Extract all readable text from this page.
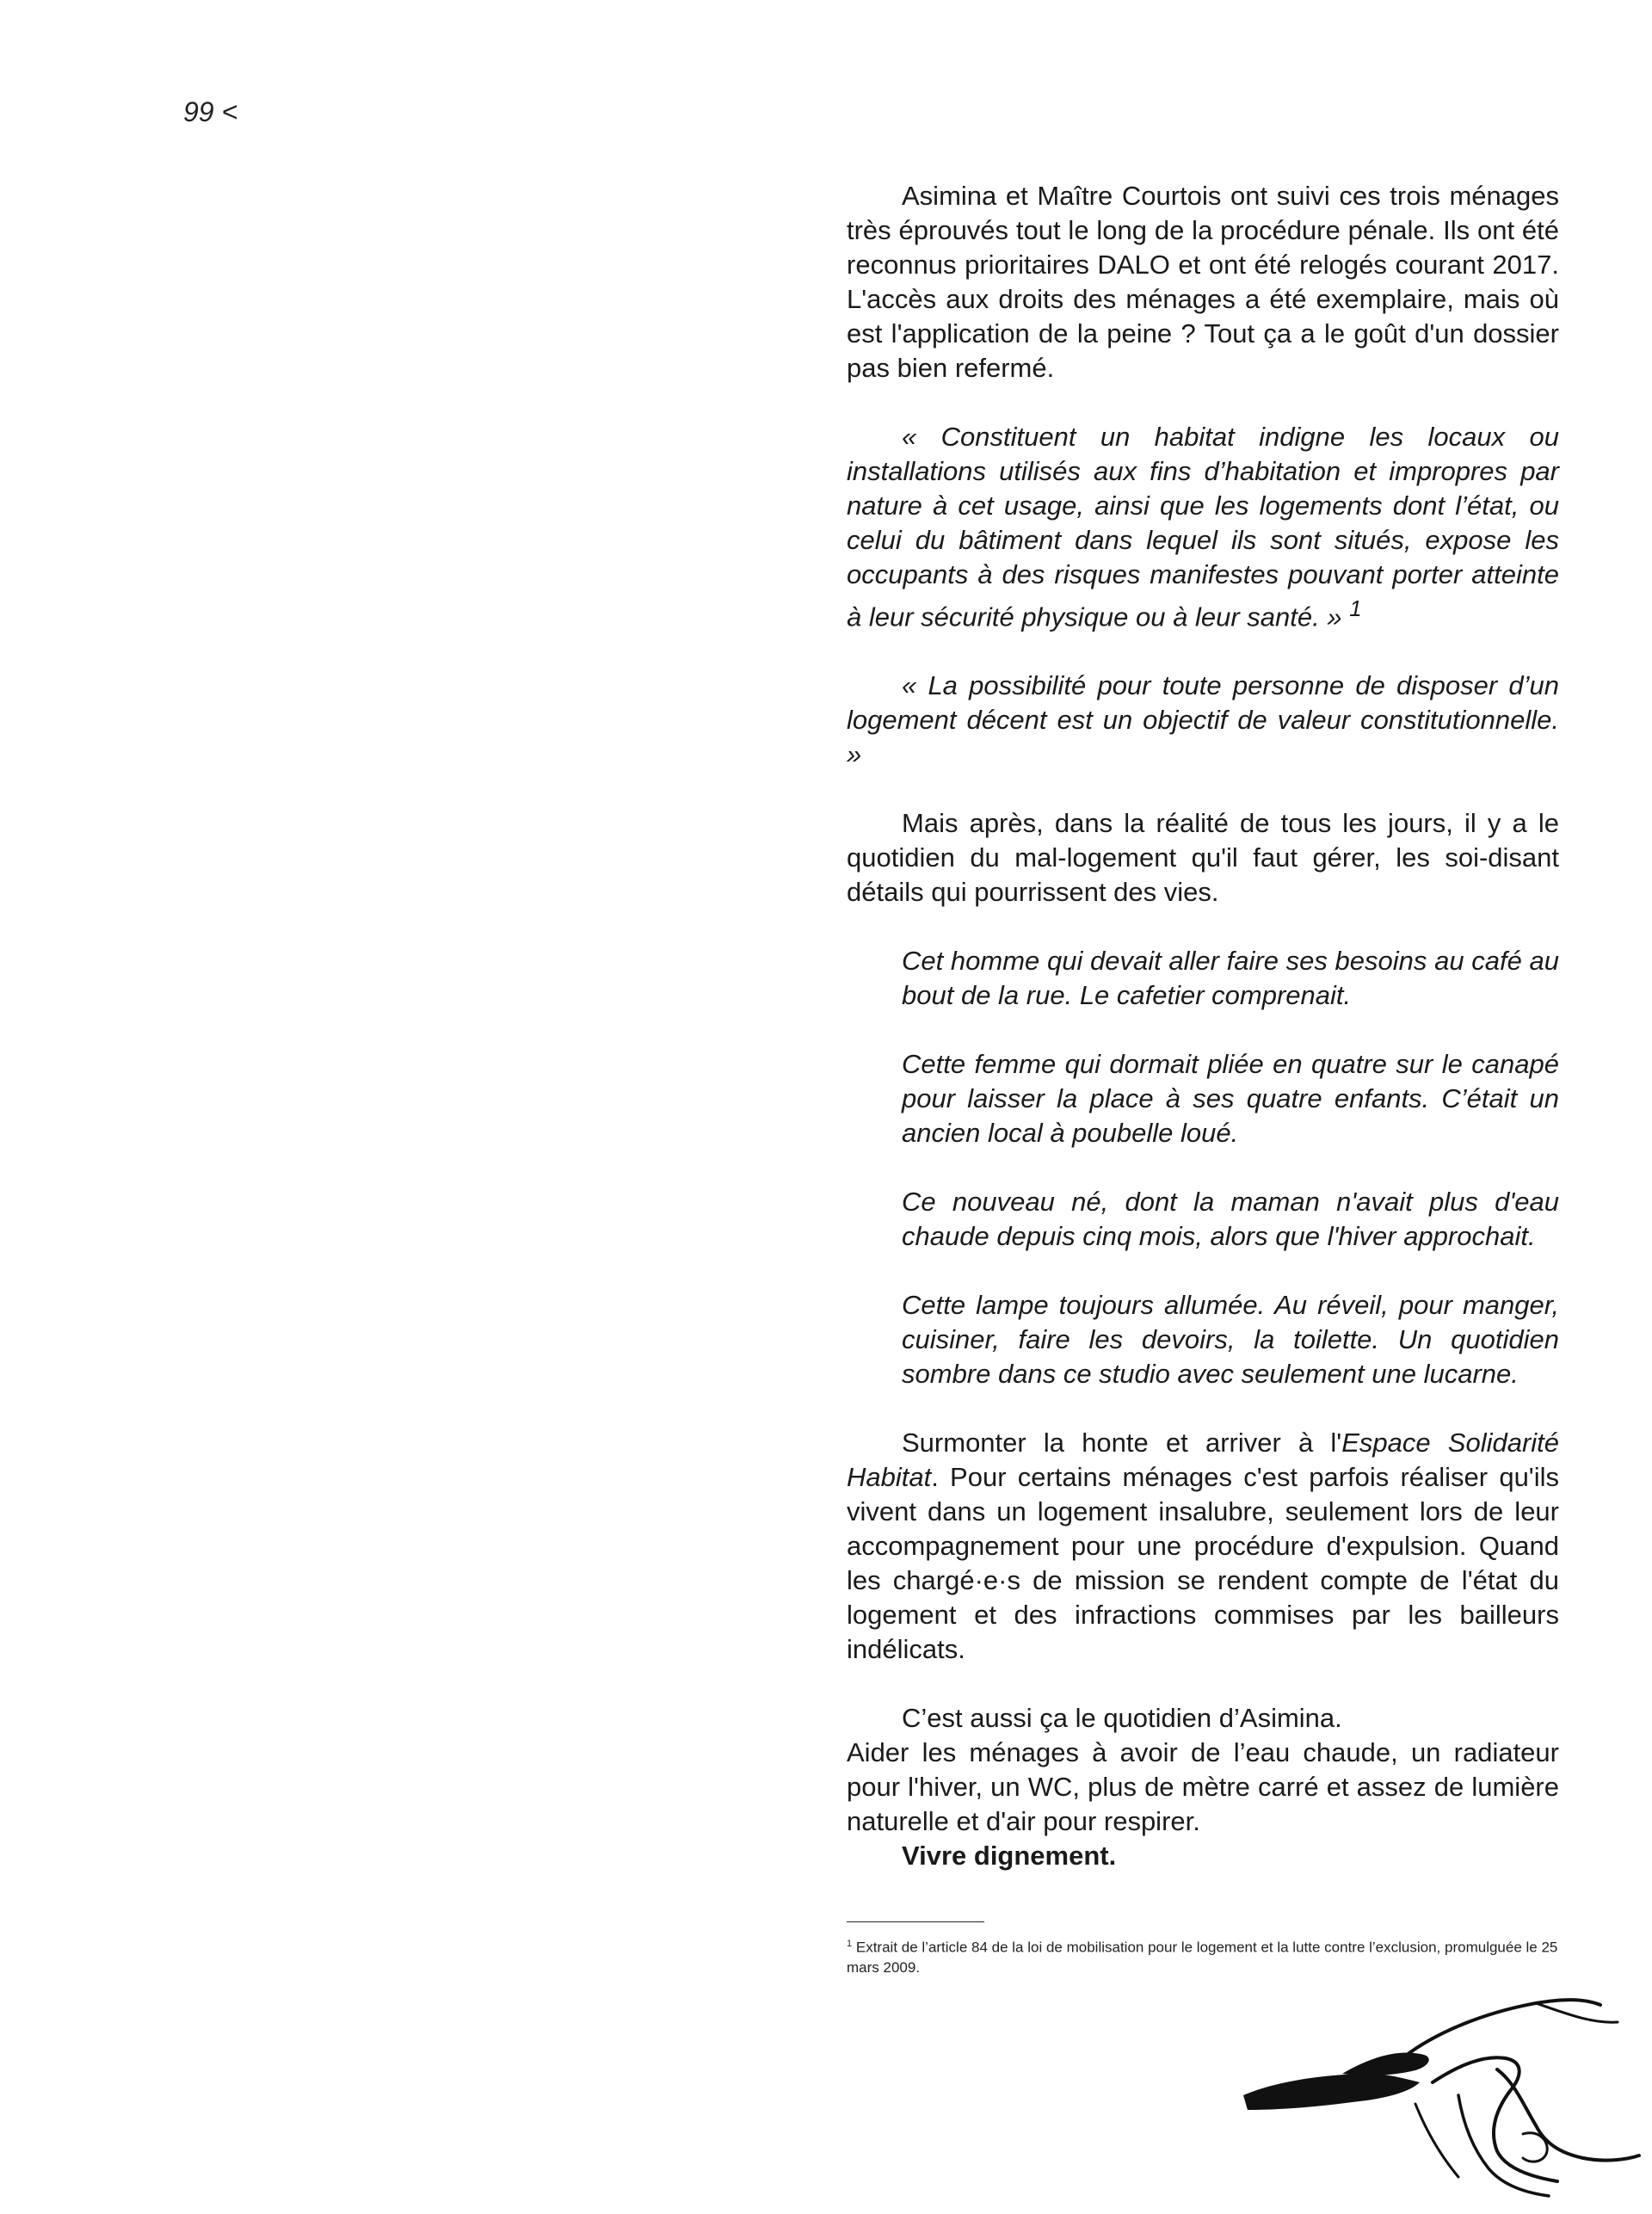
99 <

Asimina et Maître Courtois ont suivi ces trois ménages très éprouvés tout le long de la procédure pénale. Ils ont été reconnus prioritaires DALO et ont été relogés courant 2017. L'accès aux droits des ménages a été exemplaire, mais où est l'application de la peine ? Tout ça a le goût d'un dossier pas bien refermé.

« Constituent un habitat indigne les locaux ou installations utilisés aux fins d’habitation et impropres par nature à cet usage, ainsi que les logements dont l’état, ou celui du bâtiment dans lequel ils sont situés, expose les occupants à des risques manifestes pouvant porter atteinte à leur sécurité physique ou à leur santé. » $^1$

« La possibilité pour toute personne de disposer d’un logement décent est un objectif de valeur constitutionnelle. »

Mais après, dans la réalité de tous les jours, il y a le quotidien du mal-logement qu'il faut gérer, les soi-disant détails qui pourrissent des vies.

Cet homme qui devait aller faire ses besoins au café au bout de la rue. Le cafetier comprenait.

Cette femme qui dormait pliée en quatre sur le canapé pour laisser la place à ses quatre enfants. C’était un ancien local à poubelle loué.

Ce nouveau né, dont la maman n'avait plus d'eau chaude depuis cinq mois, alors que l'hiver approchait.

Cette lampe toujours allumée. Au réveil, pour manger, cuisiner, faire les devoirs, la toilette. Un quotidien sombre dans ce studio avec seulement une lucarne.

Surmonter la honte et arriver à l'Espace Solidarité Habitat. Pour certains ménages c'est parfois réaliser qu'ils vivent dans un logement insalubre, seulement lors de leur accompagnement pour une procédure d'expulsion. Quand les chargé·e·s de mission se rendent compte de l'état du logement et des infractions commises par les bailleurs indélicats.

C’est aussi ça le quotidien d’Asimina.
Aider les ménages à avoir de l’eau chaude, un radiateur pour l'hiver, un WC, plus de mètre carré et assez de lumière naturelle et d'air pour respirer.
Vivre dignement.
$^1$ Extrait de l’article 84 de la loi de mobilisation pour le logement et la lutte contre l’exclusion, promulguée le 25 mars 2009.
